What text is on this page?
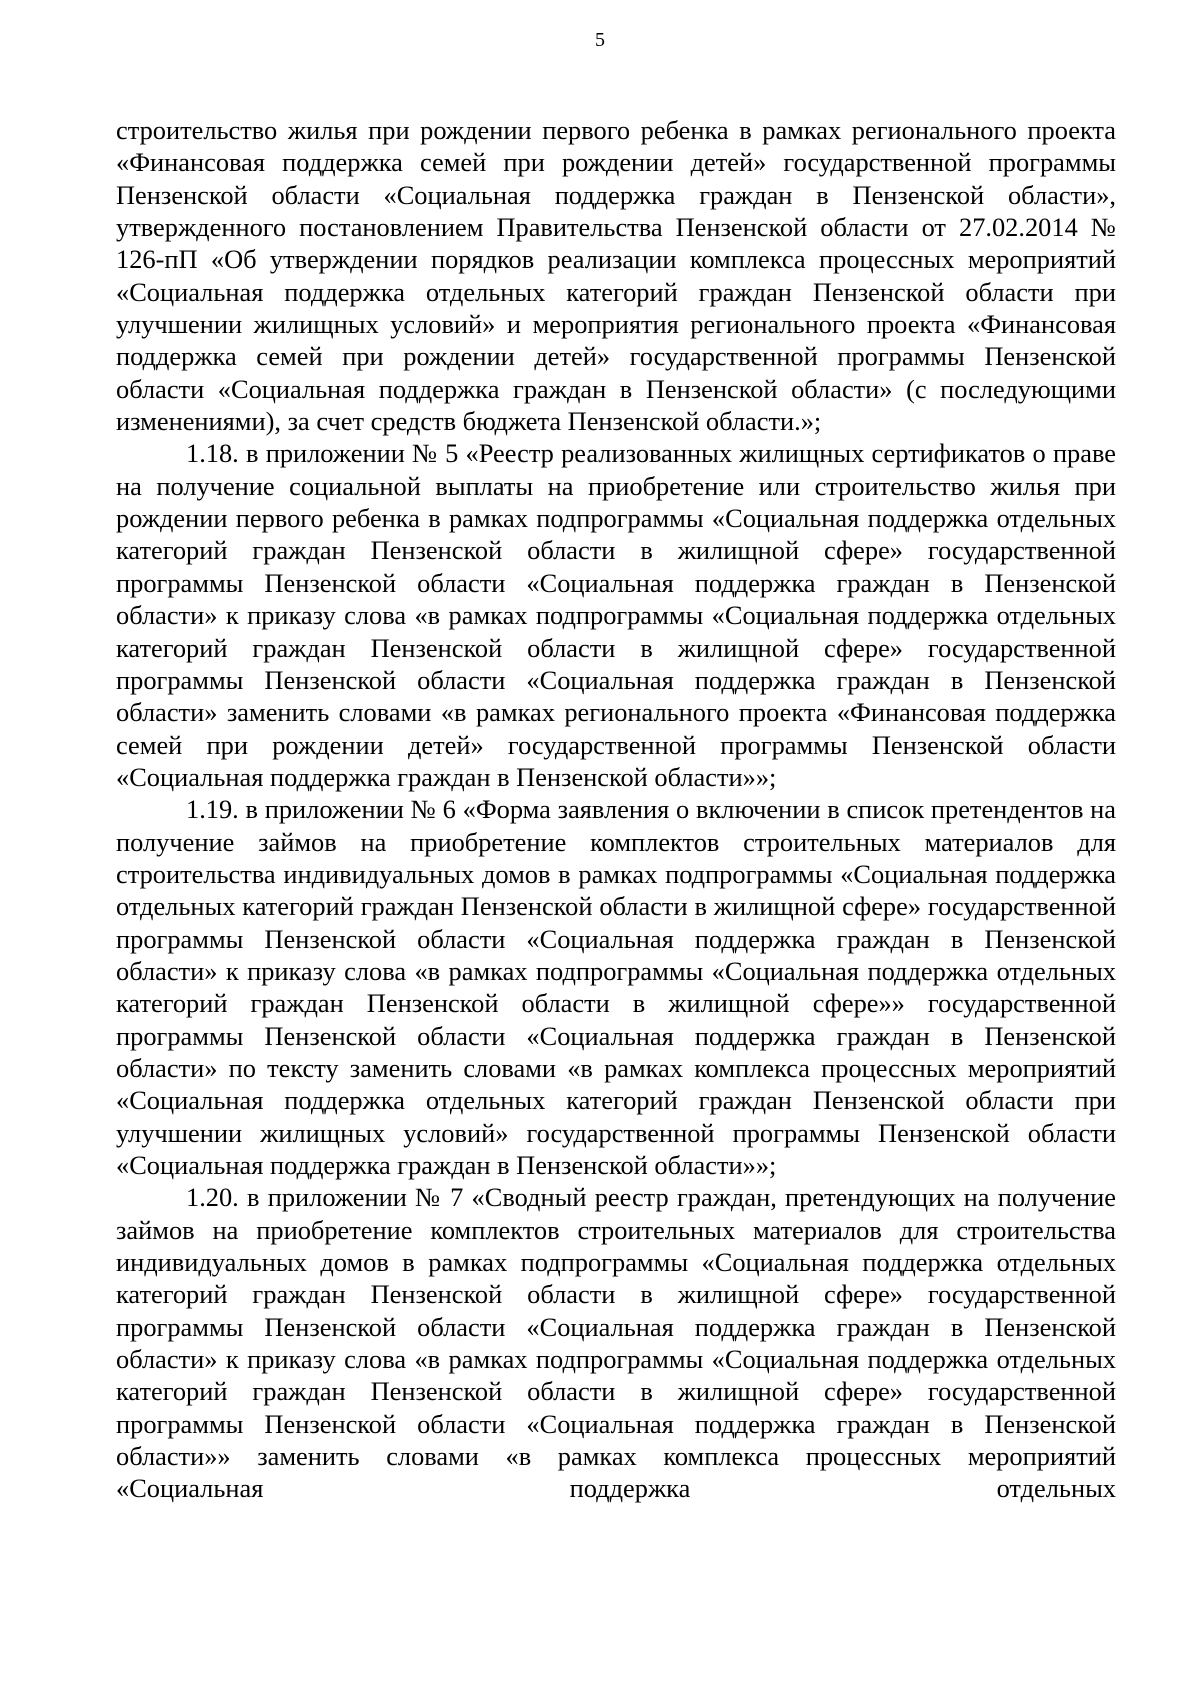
5

строительство жилья при рождении первого ребенка в рамках регионального проекта «Финансовая поддержка семей при рождении детей» государственной программы Пензенской области «Социальная поддержка граждан в Пензенской области», утвержденного постановлением Правительства Пензенской области от 27.02.2014 № 126-пП «Об утверждении порядков реализации комплекса процессных мероприятий «Социальная поддержка отдельных категорий граждан Пензенской области при улучшении жилищных условий» и мероприятия регионального проекта «Финансовая поддержка семей при рождении детей» государственной программы Пензенской области «Социальная поддержка граждан в Пензенской области» (с последующими изменениями), за счет средств бюджета Пензенской области.»;

1.18. в приложении № 5 «Реестр реализованных жилищных сертификатов о праве на получение социальной выплаты на приобретение или строительство жилья при рождении первого ребенка в рамках подпрограммы «Социальная поддержка отдельных категорий граждан Пензенской области в жилищной сфере» государственной программы Пензенской области «Социальная поддержка граждан в Пензенской области» к приказу слова «в рамках подпрограммы «Социальная поддержка отдельных категорий граждан Пензенской области в жилищной сфере» государственной программы Пензенской области «Социальная поддержка граждан в Пензенской области» заменить словами «в рамках регионального проекта «Финансовая поддержка семей при рождении детей» государственной программы Пензенской области «Социальная поддержка граждан в Пензенской области»»;

1.19. в приложении № 6 «Форма заявления о включении в список претендентов на получение займов на приобретение комплектов строительных материалов для строительства индивидуальных домов в рамках подпрограммы «Социальная поддержка отдельных категорий граждан Пензенской области в жилищной сфере» государственной программы Пензенской области «Социальная поддержка граждан в Пензенской области» к приказу слова «в рамках подпрограммы «Социальная поддержка отдельных категорий граждан Пензенской области в жилищной сфере»» государственной программы Пензенской области «Социальная поддержка граждан в Пензенской области» по тексту заменить словами «в рамках комплекса процессных мероприятий «Социальная поддержка отдельных категорий граждан Пензенской области при улучшении жилищных условий» государственной программы Пензенской области «Социальная поддержка граждан в Пензенской области»»;

1.20. в приложении № 7 «Сводный реестр граждан, претендующих на получение займов на приобретение комплектов строительных материалов для строительства индивидуальных домов в рамках подпрограммы «Социальная поддержка отдельных категорий граждан Пензенской области в жилищной сфере» государственной программы Пензенской области «Социальная поддержка граждан в Пензенской области» к приказу слова «в рамках подпрограммы «Социальная поддержка отдельных категорий граждан Пензенской области в жилищной сфере» государственной программы Пензенской области «Социальная поддержка граждан в Пензенской области»» заменить словами «в рамках комплекса процессных мероприятий «Социальная поддержка отдельных
